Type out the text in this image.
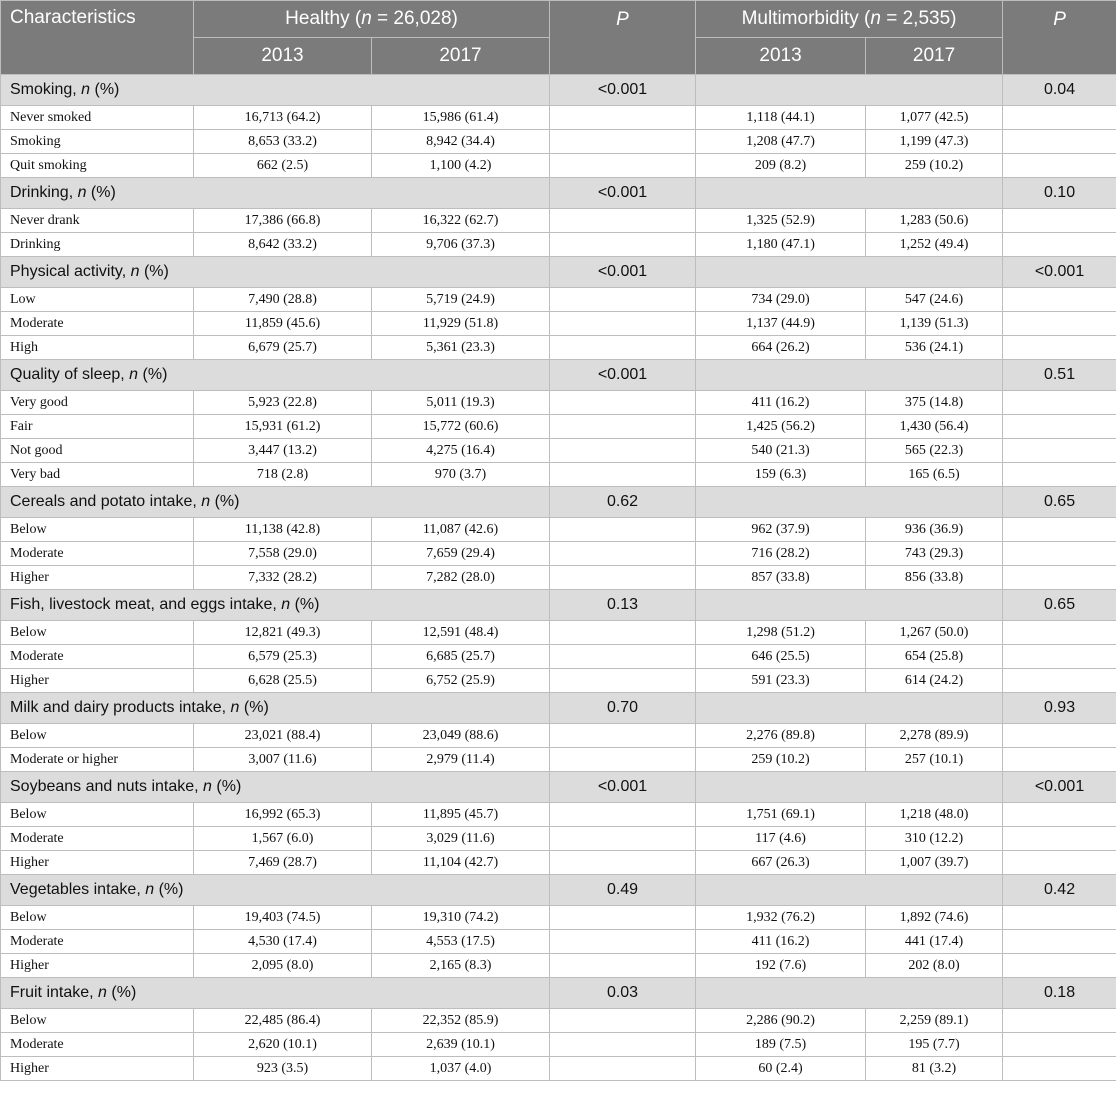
Characteristics	Healthy (n = 26,028)		P	Multimorbidity (n = 2,535)		P
	2013	2017		2013	2017	
Smoking, n (%)			<0.001			0.04
Never smoked	16,713 (64.2)	15,986 (61.4)		1,118 (44.1)	1,077 (42.5)	
Smoking	8,653 (33.2)	8,942 (34.4)		1,208 (47.7)	1,199 (47.3)	
Quit smoking	662 (2.5)	1,100 (4.2)		209 (8.2)	259 (10.2)	
Drinking, n (%)			<0.001			0.10
Never drank	17,386 (66.8)	16,322 (62.7)		1,325 (52.9)	1,283 (50.6)	
Drinking	8,642 (33.2)	9,706 (37.3)		1,180 (47.1)	1,252 (49.4)	
Physical activity, n (%)			<0.001			<0.001
Low	7,490 (28.8)	5,719 (24.9)		734 (29.0)	547 (24.6)	
Moderate	11,859 (45.6)	11,929 (51.8)		1,137 (44.9)	1,139 (51.3)	
High	6,679 (25.7)	5,361 (23.3)		664 (26.2)	536 (24.1)	
Quality of sleep, n (%)			<0.001			0.51
Very good	5,923 (22.8)	5,011 (19.3)		411 (16.2)	375 (14.8)	
Fair	15,931 (61.2)	15,772 (60.6)		1,425 (56.2)	1,430 (56.4)	
Not good	3,447 (13.2)	4,275 (16.4)		540 (21.3)	565 (22.3)	
Very bad	718 (2.8)	970 (3.7)		159 (6.3)	165 (6.5)	
Cereals and potato intake, n (%)			0.62			0.65
Below	11,138 (42.8)	11,087 (42.6)		962 (37.9)	936 (36.9)	
Moderate	7,558 (29.0)	7,659 (29.4)		716 (28.2)	743 (29.3)	
Higher	7,332 (28.2)	7,282 (28.0)		857 (33.8)	856 (33.8)	
Fish, livestock meat, and eggs intake, n (%)			0.13			0.65
Below	12,821 (49.3)	12,591 (48.4)		1,298 (51.2)	1,267 (50.0)	
Moderate	6,579 (25.3)	6,685 (25.7)		646 (25.5)	654 (25.8)	
Higher	6,628 (25.5)	6,752 (25.9)		591 (23.3)	614 (24.2)	
Milk and dairy products intake, n (%)			0.70			0.93
Below	23,021 (88.4)	23,049 (88.6)		2,276 (89.8)	2,278 (89.9)	
Moderate or higher	3,007 (11.6)	2,979 (11.4)		259 (10.2)	257 (10.1)	
Soybeans and nuts intake, n (%)			<0.001			<0.001
Below	16,992 (65.3)	11,895 (45.7)		1,751 (69.1)	1,218 (48.0)	
Moderate	1,567 (6.0)	3,029 (11.6)		117 (4.6)	310 (12.2)	
Higher	7,469 (28.7)	11,104 (42.7)		667 (26.3)	1,007 (39.7)	
Vegetables intake, n (%)			0.49			0.42
Below	19,403 (74.5)	19,310 (74.2)		1,932 (76.2)	1,892 (74.6)	
Moderate	4,530 (17.4)	4,553 (17.5)		411 (16.2)	441 (17.4)	
Higher	2,095 (8.0)	2,165 (8.3)		192 (7.6)	202 (8.0)	
Fruit intake, n (%)			0.03			0.18
Below	22,485 (86.4)	22,352 (85.9)		2,286 (90.2)	2,259 (89.1)	
Moderate	2,620 (10.1)	2,639 (10.1)		189 (7.5)	195 (7.7)	
Higher	923 (3.5)	1,037 (4.0)		60 (2.4)	81 (3.2)	
